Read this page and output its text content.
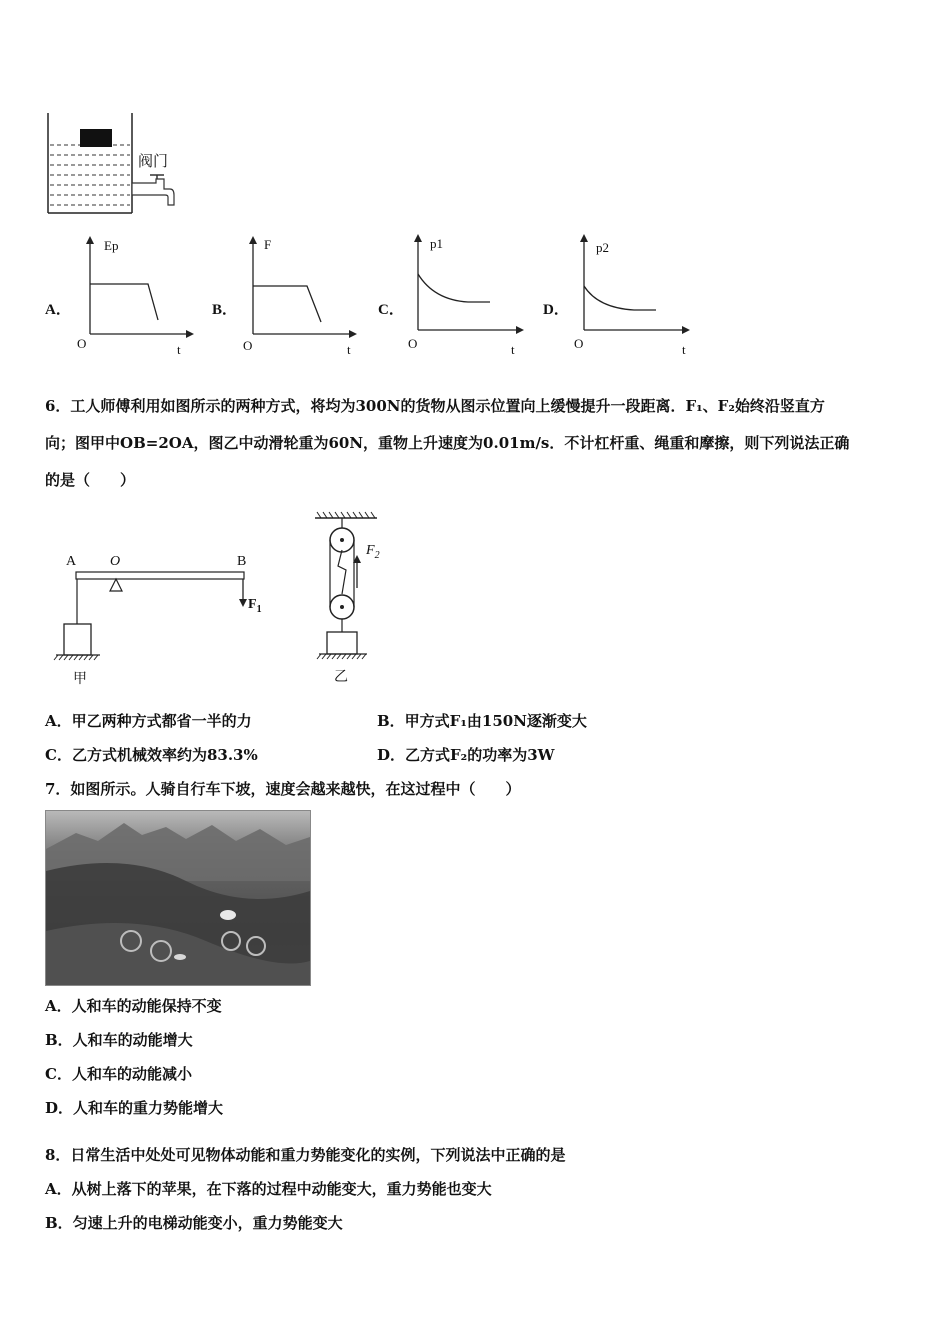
阀门
A．
Ep
t
O
B．
F
t
O
C．
p1
t
O
D．
p2
t
O
6．工人师傅利用如图所示的两种方式，将均为300N的货物从图示位置向上缓慢提升一段距离．F₁、F₂始终沿竖直方
向；图甲中OB=2OA，图乙中动滑轮重为60N，重物上升速度为0.01m/s．不计杠杆重、绳重和摩擦，则下列说法正确
的是（　　）
A O	B
$F_1$
甲
$F_2$
乙
A．甲乙两种方式都省一半的力	B．甲方式F₁由150N逐渐变大
C．乙方式机械效率约为83.3%	D．乙方式F₂的功率为3W
7．如图所示。人骑自行车下坡，速度会越来越快，在这过程中（　　）
A．人和车的动能保持不变
B．人和车的动能增大
C．人和车的动能减小
D．人和车的重力势能增大
8．日常生活中处处可见物体动能和重力势能变化的实例，下列说法中正确的是
A．从树上落下的苹果，在下落的过程中动能变大，重力势能也变大
B．匀速上升的电梯动能变小，重力势能变大
